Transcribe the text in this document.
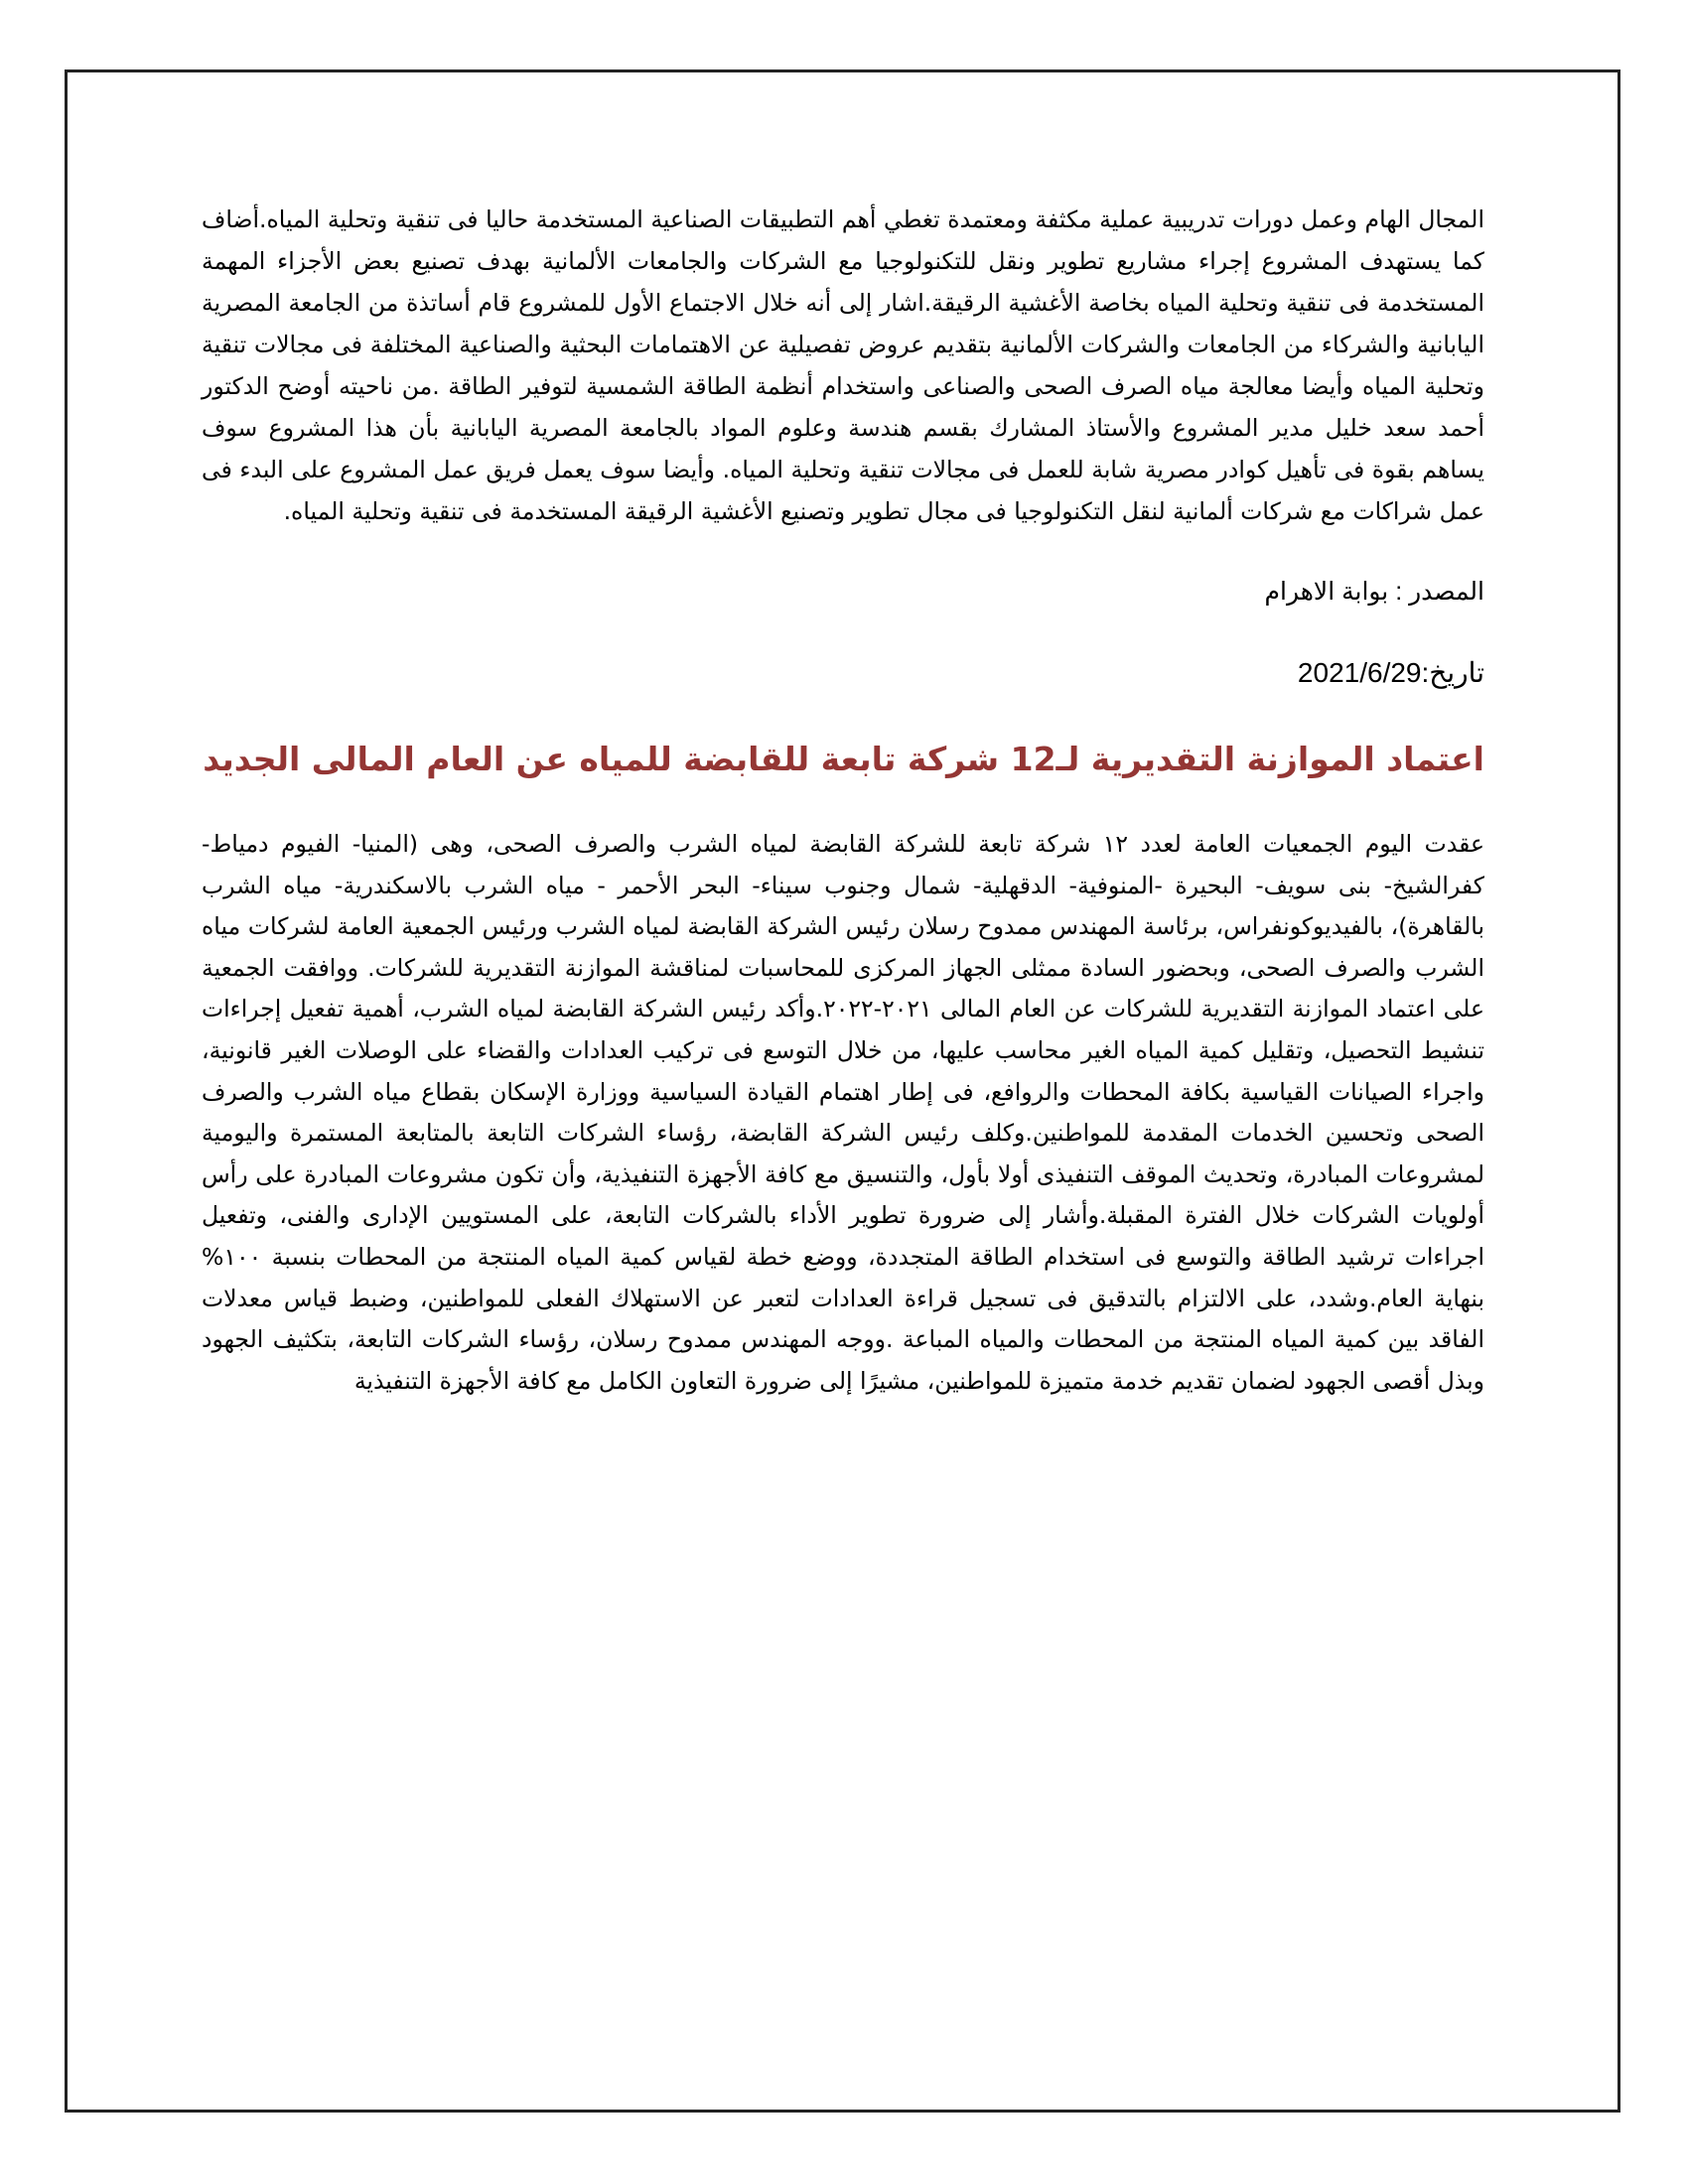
المجال الهام وعمل دورات تدريبية عملية مكثفة ومعتمدة تغطي أهم التطبيقات الصناعية المستخدمة حاليا فى تنقية وتحلية المياه.أضاف كما يستهدف المشروع إجراء مشاريع تطوير ونقل للتكنولوجيا مع الشركات والجامعات الألمانية بهدف تصنيع بعض الأجزاء المهمة المستخدمة فى تنقية وتحلية المياه بخاصة الأغشية الرقيقة.اشار إلى أنه خلال الاجتماع الأول للمشروع قام أساتذة من الجامعة المصرية اليابانية والشركاء من الجامعات والشركات الألمانية بتقديم عروض تفصيلية عن الاهتمامات البحثية والصناعية المختلفة فى مجالات تنقية وتحلية المياه وأيضا معالجة مياه الصرف الصحى والصناعى واستخدام أنظمة الطاقة الشمسية لتوفير الطاقة .من ناحيته أوضح الدكتور أحمد سعد خليل مدير المشروع والأستاذ المشارك بقسم هندسة وعلوم المواد بالجامعة المصرية اليابانية بأن هذا المشروع سوف يساهم بقوة فى تأهيل كوادر مصرية شابة للعمل فى مجالات تنقية وتحلية المياه. وأيضا سوف يعمل فريق عمل المشروع على البدء فى عمل شراكات مع شركات ألمانية لنقل التكنولوجيا فى مجال تطوير وتصنيع الأغشية الرقيقة المستخدمة فى تنقية وتحلية المياه.

المصدر : بوابة الاهرام
تاريخ:2021/6/29
اعتماد الموازنة التقديرية لـ12 شركة تابعة للقابضة للمياه عن العام المالى الجديد

عقدت اليوم الجمعيات العامة لعدد ١٢ شركة تابعة للشركة القابضة لمياه الشرب والصرف الصحى، وهى (المنيا- الفيوم دمياط- كفرالشيخ- بنى سويف- البحيرة -المنوفية- الدقهلية- شمال وجنوب سيناء- البحر الأحمر - مياه الشرب بالاسكندرية- مياه الشرب بالقاهرة)، بالفيديوكونفراس، برئاسة المهندس ممدوح رسلان رئيس الشركة القابضة لمياه الشرب ورئيس الجمعية العامة لشركات مياه الشرب والصرف الصحى، وبحضور السادة ممثلى الجهاز المركزى للمحاسبات لمناقشة الموازنة التقديرية للشركات. ووافقت الجمعية على اعتماد الموازنة التقديرية للشركات عن العام المالى ٢٠٢١-٢٠٢٢.وأكد رئيس الشركة القابضة لمياه الشرب، أهمية تفعيل إجراءات تنشيط التحصيل، وتقليل كمية المياه الغير محاسب عليها، من خلال التوسع فى تركيب العدادات والقضاء على الوصلات الغير قانونية، واجراء الصيانات القياسية بكافة المحطات والروافع، فى إطار اهتمام القيادة السياسية ووزارة الإسكان بقطاع مياه الشرب والصرف الصحى وتحسين الخدمات المقدمة للمواطنين.وكلف رئيس الشركة القابضة، رؤساء الشركات التابعة بالمتابعة المستمرة واليومية لمشروعات المبادرة، وتحديث الموقف التنفيذى أولا بأول، والتنسيق مع كافة الأجهزة التنفيذية، وأن تكون مشروعات المبادرة على رأس أولويات الشركات خلال الفترة المقبلة.وأشار إلى ضرورة تطوير الأداء بالشركات التابعة، على المستويين الإدارى والفنى، وتفعيل اجراءات ترشيد الطاقة والتوسع فى استخدام الطاقة المتجددة، ووضع خطة لقياس كمية المياه المنتجة من المحطات بنسبة ١٠٠% بنهاية العام.وشدد، على الالتزام بالتدقيق فى تسجيل قراءة العدادات لتعبر عن الاستهلاك الفعلى للمواطنين، وضبط قياس معدلات الفاقد بين كمية المياه المنتجة من المحطات والمياه المباعة .ووجه المهندس ممدوح رسلان، رؤساء الشركات التابعة، بتكثيف الجهود وبذل أقصى الجهود لضمان تقديم خدمة متميزة للمواطنين، مشيرًا إلى ضرورة التعاون الكامل مع كافة الأجهزة التنفيذية
